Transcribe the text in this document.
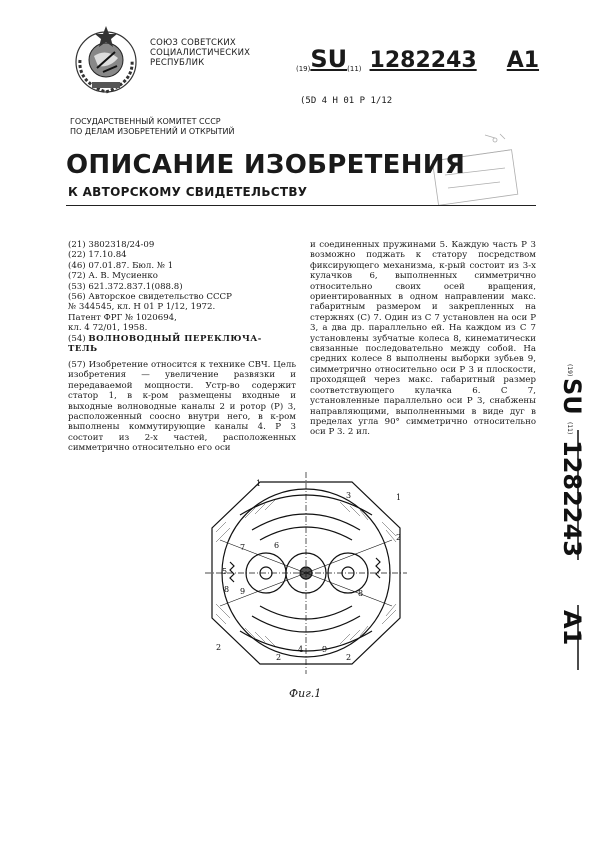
СОЮЗ СОВЕТСКИХ
СОЦИАЛИСТИЧЕСКИХ
РЕСПУБЛИК
(19)SU(11) 1282243 A1
(5D 4 H 01 P 1/12
ГОСУДАРСТВЕННЫЙ КОМИТЕТ СССР
ПО ДЕЛАМ ИЗОБРЕТЕНИЙ И ОТКРЫТИЙ
ОПИСАНИЕ ИЗОБРЕТЕНИЯ
К АВТОРСКОМУ СВИДЕТЕЛЬСТВУ
(21) 3802318/24-09
(22) 17.10.84
(46) 07.01.87. Бюл. № 1
(72) А. В. Мусиенко
(53) 621.372.837.1(088.8)
(56) Авторское свидетельство СССР
№ 344545, кл. H 01 P 1/12, 1972.
Патент ФРГ № 1020694,
кл. 4 72/01, 1958.
(54) ВОЛНОВОДНЫЙ ПЕРЕКЛЮЧА-
ТЕЛЬ
(57) Изобретение относится к технике СВЧ. Цель изобретения — увеличение развязки и передаваемой мощности. Устр-во содержит статор 1, в к-ром размещены входные и выходные волноводные каналы 2 и ротор (Р) 3, расположенный соосно внутри него, в к-ром выполнены коммутирующие каналы 4. Р 3 состоит из 2-х частей, расположенных симметрично относительно его оси
и соединенных пружинами 5. Каждую часть Р 3 возможно поджать к статору посредством фиксирующего механизма, к-рый состоит из 3-х кулачков 6, выполненных симметрично относительно своих осей вращения, ориентированных в одном направлении макс. габаритным размером и закрепленных на стержнях (С) 7. Один из С 7 установлен на оси Р 3, а два др. параллельно ей. На каждом из С 7 установлены зубчатые колеса 8, кинематически связанные последовательно между собой. На средних колесе 8 выполнены выборки зубьев 9, симметрично относительно оси Р 3 и плоскости, проходящей через макс. габаритный размер соответствующего кулачка 6. С 7, установленные параллельно оси Р 3, снабжены направляющими, выполненными в виде дуг в пределах угла 90° симметрично относительно оси Р 3. 2 ил.
(19)
SU
(11)
1282243
A1
1
3
7	6
5
8 9
2
2	2
4 9
8
1
2
Фиг.1
